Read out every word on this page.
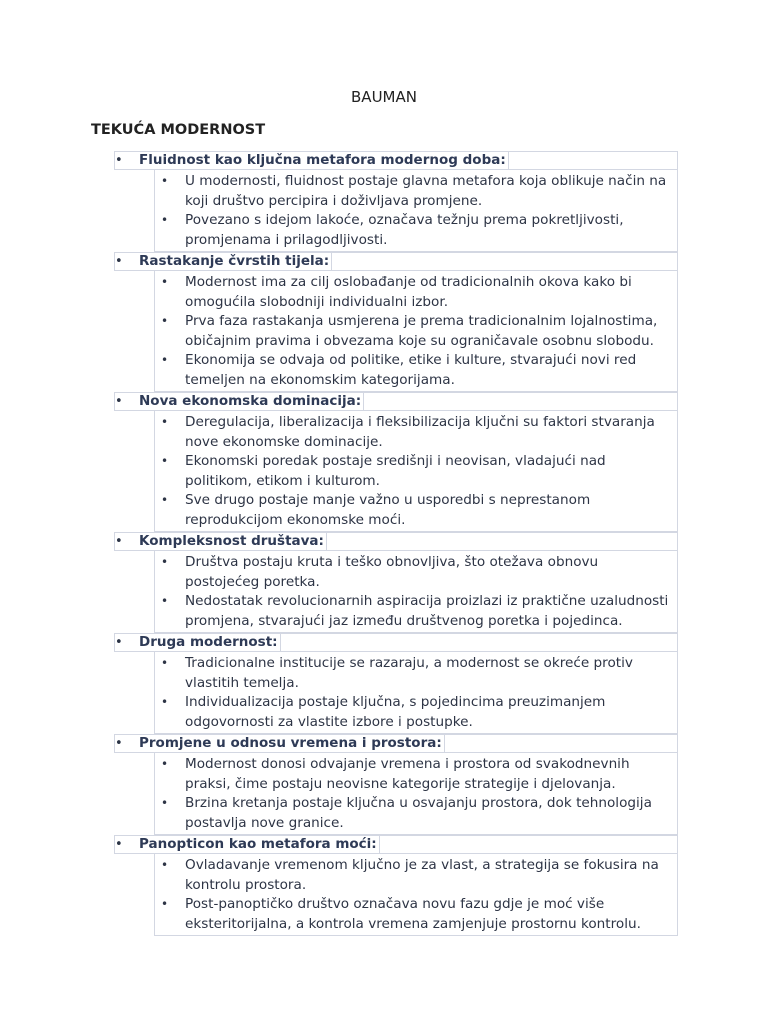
BAUMAN
TEKUĆA MODERNOST
• Fluidnost kao ključna metafora modernog doba:
• U modernosti, fluidnost postaje glavna metafora koja oblikuje način na koji društvo percipira i doživljava promjene.
• Povezano s idejom lakoće, označava težnju prema pokretljivosti, promjenama i prilagodljivosti.
• Rastakanje čvrstih tijela:
• Modernost ima za cilj oslobađanje od tradicionalnih okova kako bi omogućila slobodniji individualni izbor.
• Prva faza rastakanja usmjerena je prema tradicionalnim lojalnostima, običajnim pravima i obvezama koje su ograničavale osobnu slobodu.
• Ekonomija se odvaja od politike, etike i kulture, stvarajući novi red temeljen na ekonomskim kategorijama.
• Nova ekonomska dominacija:
• Deregulacija, liberalizacija i fleksibilizacija ključni su faktori stvaranja nove ekonomske dominacije.
• Ekonomski poredak postaje središnji i neovisan, vladajući nad politikom, etikom i kulturom.
• Sve drugo postaje manje važno u usporedbi s neprestanom reprodukcijom ekonomske moći.
• Kompleksnost društava:
• Društva postaju kruta i teško obnovljiva, što otežava obnovu postojećeg poretka.
• Nedostatak revolucionarnih aspiracija proizlazi iz praktične uzaludnosti promjena, stvarajući jaz između društvenog poretka i pojedinca.
• Druga modernost:
• Tradicionalne institucije se razaraju, a modernost se okreće protiv vlastitih temelja.
• Individualizacija postaje ključna, s pojedincima preuzimanjem odgovornosti za vlastite izbore i postupke.
• Promjene u odnosu vremena i prostora:
• Modernost donosi odvajanje vremena i prostora od svakodnevnih praksi, čime postaju neovisne kategorije strategije i djelovanja.
• Brzina kretanja postaje ključna u osvajanju prostora, dok tehnologija postavlja nove granice.
• Panopticon kao metafora moći:
• Ovladavanje vremenom ključno je za vlast, a strategija se fokusira na kontrolu prostora.
• Post-panoptičko društvo označava novu fazu gdje je moć više eksteritorijalna, a kontrola vremena zamjenjuje prostornu kontrolu.
